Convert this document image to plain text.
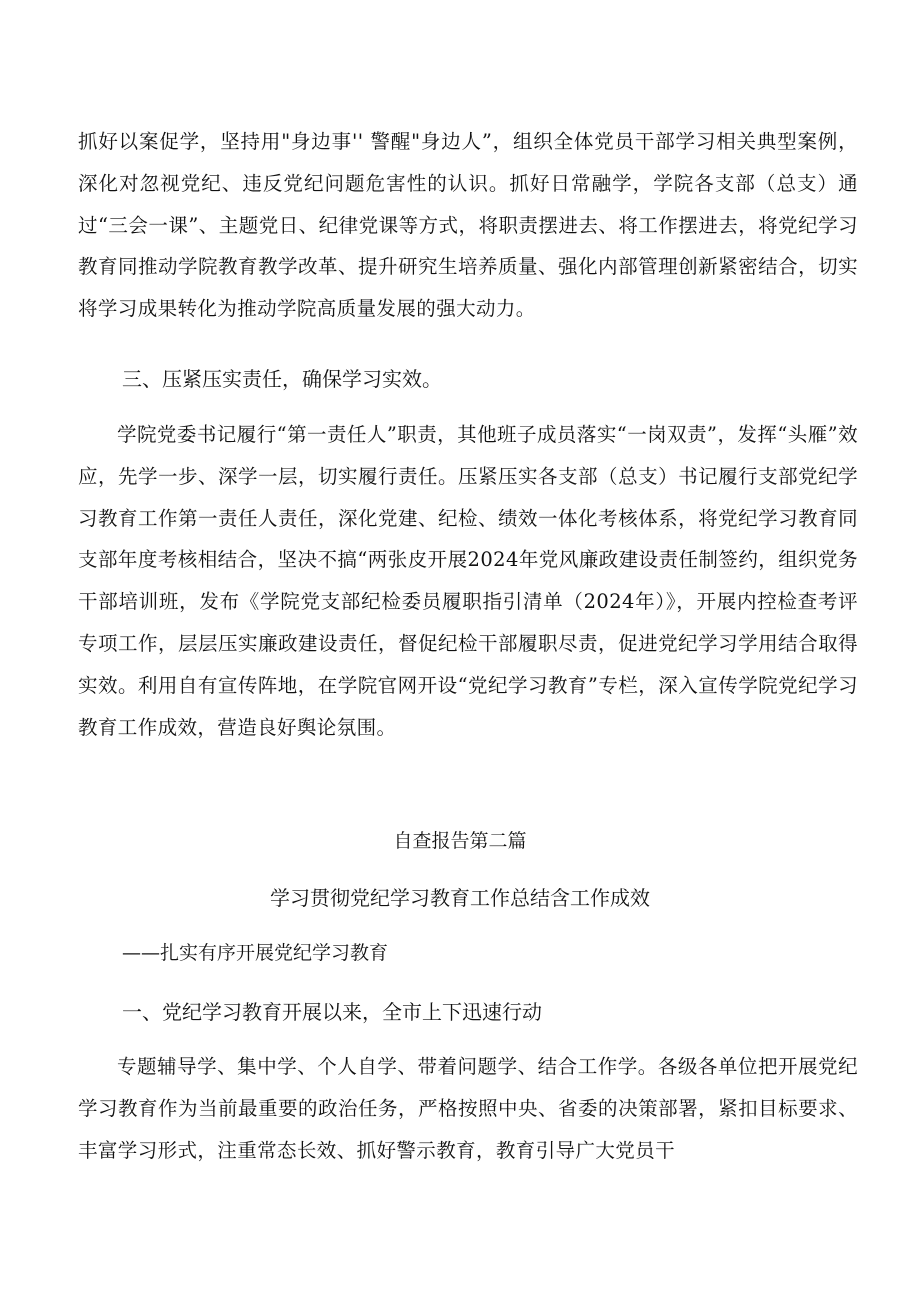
抓好以案促学，坚持用"身边事'' 警醒"身边人”，组织全体党员干部学习相关典型案例，深化对忽视党纪、违反党纪问题危害性的认识。抓好日常融学，学院各支部（总支）通过“三会一课”、主题党日、纪律党课等方式，将职责摆进去、将工作摆进去，将党纪学习教育同推动学院教育教学改革、提升研究生培养质量、强化内部管理创新紧密结合，切实将学习成果转化为推动学院高质量发展的强大动力。

三、压紧压实责任，确保学习实效。

学院党委书记履行“第一责任人”职责，其他班子成员落实“一岗双责”，发挥“头雁”效应，先学一步、深学一层，切实履行责任。压紧压实各支部（总支）书记履行支部党纪学习教育工作第一责任人责任，深化党建、纪检、绩效一体化考核体系，将党纪学习教育同支部年度考核相结合，坚决不搞“两张皮开展2024年党风廉政建设责任制签约，组织党务干部培训班，发布《学院党支部纪检委员履职指引清单（2024年）》，开展内控检查考评专项工作，层层压实廉政建设责任，督促纪检干部履职尽责，促进党纪学习学用结合取得实效。利用自有宣传阵地，在学院官网开设“党纪学习教育”专栏，深入宣传学院党纪学习教育工作成效，营造良好舆论氛围。

自查报告第二篇

学习贯彻党纪学习教育工作总结含工作成效

——扎实有序开展党纪学习教育

一、党纪学习教育开展以来，全市上下迅速行动

专题辅导学、集中学、个人自学、带着问题学、结合工作学。各级各单位把开展党纪学习教育作为当前最重要的政治任务，严格按照中央、省委的决策部署，紧扣目标要求、丰富学习形式，注重常态长效、抓好警示教育，教育引导广大党员干
